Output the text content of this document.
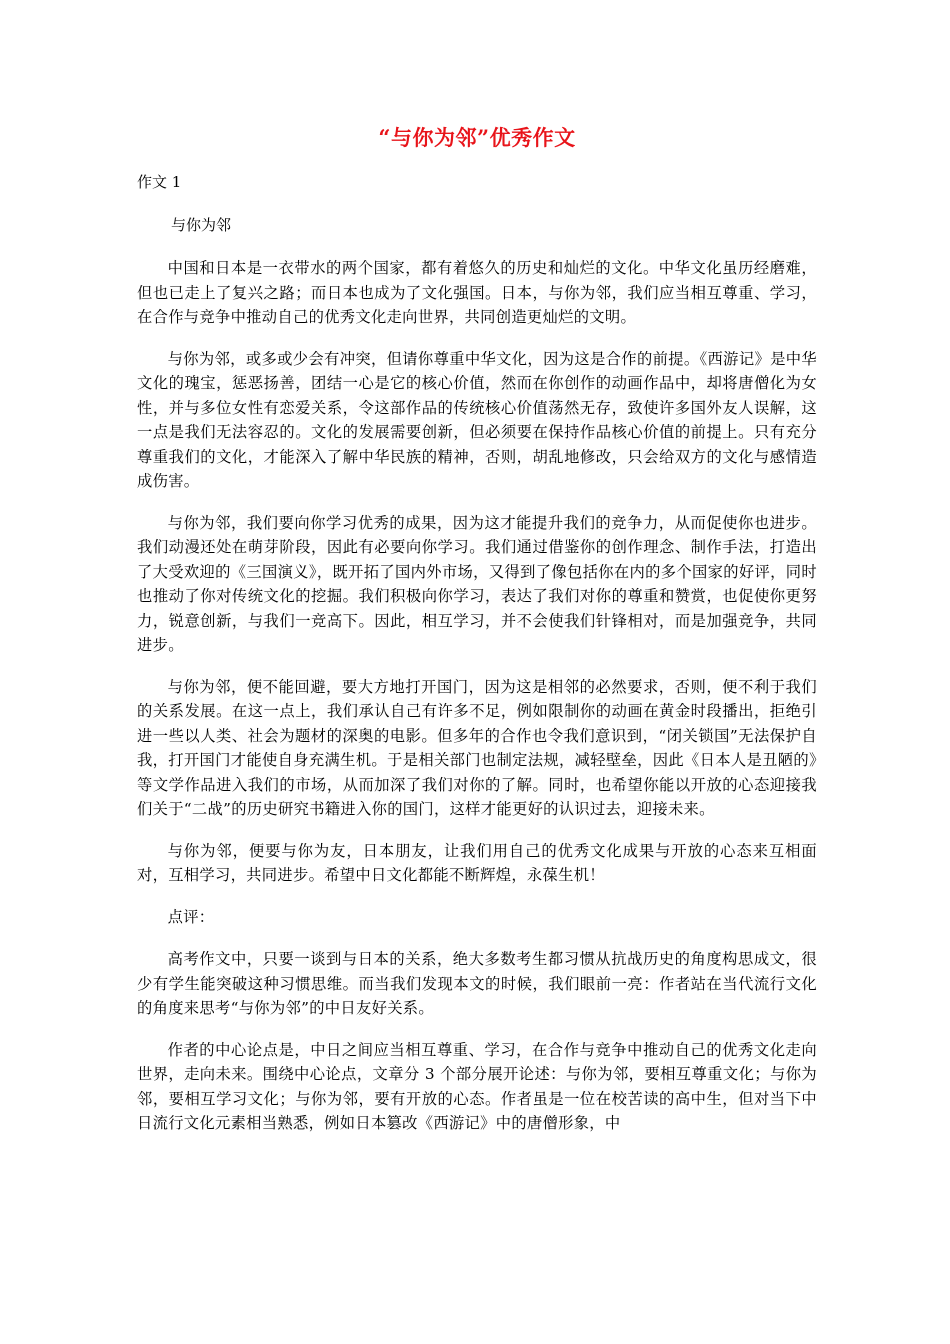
“与你为邻”优秀作文
作文 1
与你为邻

中国和日本是一衣带水的两个国家，都有着悠久的历史和灿烂的文化。中华文化虽历经磨难，但也已走上了复兴之路；而日本也成为了文化强国。日本，与你为邻，我们应当相互尊重、学习，在合作与竞争中推动自己的优秀文化走向世界，共同创造更灿烂的文明。

与你为邻，或多或少会有冲突，但请你尊重中华文化，因为这是合作的前提。《西游记》是中华文化的瑰宝，惩恶扬善，团结一心是它的核心价值，然而在你创作的动画作品中，却将唐僧化为女性，并与多位女性有恋爱关系，令这部作品的传统核心价值荡然无存，致使许多国外友人误解，这一点是我们无法容忍的。文化的发展需要创新，但必须要在保持作品核心价值的前提上。只有充分尊重我们的文化，才能深入了解中华民族的精神，否则，胡乱地修改，只会给双方的文化与感情造成伤害。

与你为邻，我们要向你学习优秀的成果，因为这才能提升我们的竞争力，从而促使你也进步。我们动漫还处在萌芽阶段，因此有必要向你学习。我们通过借鉴你的创作理念、制作手法，打造出了大受欢迎的《三国演义》，既开拓了国内外市场，又得到了像包括你在内的多个国家的好评，同时也推动了你对传统文化的挖掘。我们积极向你学习，表达了我们对你的尊重和赞赏，也促使你更努力，锐意创新，与我们一竞高下。因此，相互学习，并不会使我们针锋相对，而是加强竞争，共同进步。

与你为邻，便不能回避，要大方地打开国门，因为这是相邻的必然要求，否则，便不利于我们的关系发展。在这一点上，我们承认自己有许多不足，例如限制你的动画在黄金时段播出，拒绝引进一些以人类、社会为题材的深奥的电影。但多年的合作也令我们意识到，“闭关锁国”无法保护自我，打开国门才能使自身充满生机。于是相关部门也制定法规，减轻壁垒，因此《日本人是丑陋的》等文学作品进入我们的市场，从而加深了我们对你的了解。同时，也希望你能以开放的心态迎接我们关于“二战”的历史研究书籍进入你的国门，这样才能更好的认识过去，迎接未来。

与你为邻，便要与你为友，日本朋友，让我们用自己的优秀文化成果与开放的心态来互相面对，互相学习，共同进步。希望中日文化都能不断辉煌，永葆生机！

点评：

高考作文中，只要一谈到与日本的关系，绝大多数考生都习惯从抗战历史的角度构思成文，很少有学生能突破这种习惯思维。而当我们发现本文的时候，我们眼前一亮：作者站在当代流行文化的角度来思考“与你为邻”的中日友好关系。

作者的中心论点是，中日之间应当相互尊重、学习，在合作与竞争中推动自己的优秀文化走向世界，走向未来。围绕中心论点，文章分 3 个部分展开论述：与你为邻，要相互尊重文化；与你为邻，要相互学习文化；与你为邻，要有开放的心态。作者虽是一位在校苦读的高中生，但对当下中日流行文化元素相当熟悉，例如日本篡改《西游记》中的唐僧形象，中
